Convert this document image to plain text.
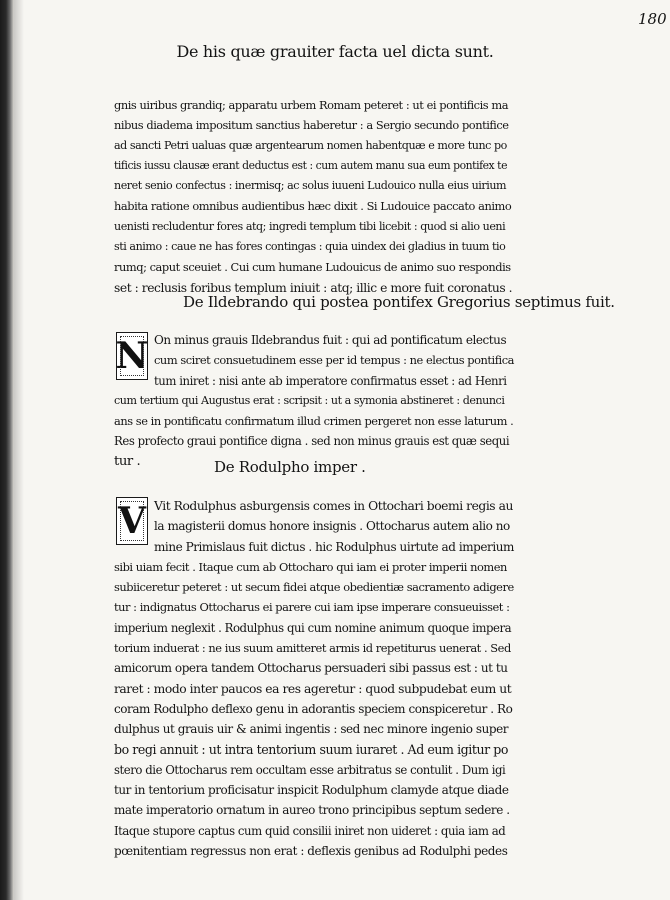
180
De his quæ grauiter facta uel dicta sunt.
gnis uiribus grandiq; apparatu urbem Romam peteret : ut ei pontificis ma
nibus diadema impositum sanctius haberetur : a Sergio secundo pontifice
ad sancti Petri ualuas quæ argentearum nomen habentquæ e more tunc po
tificis iussu clausæ erant deductus est : cum autem manu sua eum pontifex te
neret senio confectus : inermisq; ac solus iuueni Ludouico nulla eius uirium
habita ratione omnibus audientibus hæc dixit . Si Ludouice paccato animo
uenisti recludentur fores atq; ingredi templum tibi licebit : quod si alio ueni
sti animo : caue ne has fores contingas : quia uindex dei gladius in tuum tio
rumq; caput sceuiet . Cui cum humane Ludouicus de animo suo respondis
set : reclusis foribus templum iniuit : atq; illic e more fuit coronatus .
De Ildebrando qui postea pontifex Gregorius septimus fuit.
N On minus grauis Ildebrandus fuit : qui ad pontificatum electus
cum sciret consuetudinem esse per id tempus : ne electus pontifica
tum iniret : nisi ante ab imperatore confirmatus esset : ad Henri
cum tertium qui Augustus erat : scripsit : ut a symonia abstineret : denunci
ans se in pontificatu confirmatum illud crimen pergeret non esse laturum .
Res profecto graui pontifice digna . sed non minus grauis est quæ sequi
tur .	De Rodulpho imper .
V Vit Rodulphus asburgensis comes in Ottochari boemi regis au
la magisterii domus honore insignis . Ottocharus autem alio no
mine Primislaus fuit dictus . hic Rodulphus uirtute ad imperium
sibi uiam fecit . Itaque cum ab Ottocharo qui iam ei proter imperii nomen
subiiceretur peteret : ut secum fidei atque obedientiæ sacramento adigere
tur : indignatus Ottocharus ei parere cui iam ipse imperare consueuisset :
imperium neglexit . Rodulphus qui cum nomine animum quoque impera
torium induerat : ne ius suum amitteret armis id repetiturus uenerat . Sed
amicorum opera tandem Ottocharus persuaderi sibi passus est : ut tu
raret : modo inter paucos ea res ageretur : quod subpudebat eum ut
coram Rodulpho deflexo genu in adorantis speciem conspiceretur . Ro
dulphus ut grauis uir & animi ingentis : sed nec minore ingenio super
bo regi annuit : ut intra tentorium suum iuraret . Ad eum igitur po
stero die Ottocharus rem occultam esse arbitratus se contulit . Dum igi
tur in tentorium proficisatur inspicit Rodulphum clamyde atque diade
mate imperatorio ornatum in aureo trono principibus septum sedere .
Itaque stupore captus cum quid consilii iniret non uideret : quia iam ad
pœnitentiam regressus non erat : deflexis genibus ad Rodulphi pedes
